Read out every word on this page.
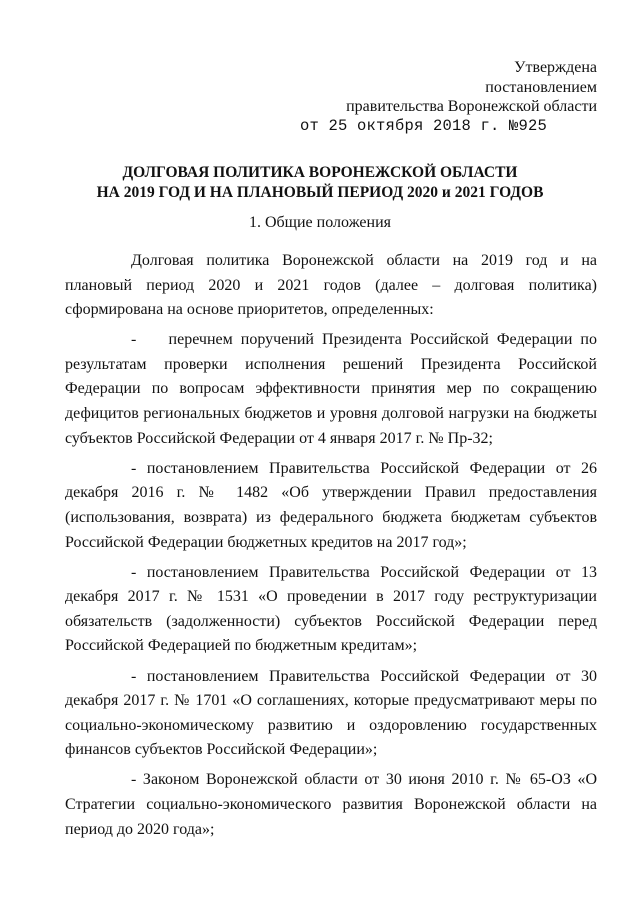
Утверждена
постановлением
правительства Воронежской области
от 25 октября 2018 г. №925
ДОЛГОВАЯ ПОЛИТИКА ВОРОНЕЖСКОЙ ОБЛАСТИ
НА 2019 ГОД И НА ПЛАНОВЫЙ ПЕРИОД 2020 и 2021 ГОДОВ
1. Общие положения

Долговая политика Воронежской области на 2019 год и на плановый период 2020 и 2021 годов (далее – долговая политика) сформирована на основе приоритетов, определенных:

-    перечнем поручений Президента Российской Федерации по результатам проверки исполнения решений Президента Российской Федерации по вопросам эффективности принятия мер по сокращению дефицитов региональных бюджетов и уровня долговой нагрузки на бюджеты субъектов Российской Федерации от 4 января 2017 г. № Пр-32;

- постановлением Правительства Российской Федерации от 26 декабря 2016 г. № 1482 «Об утверждении Правил предоставления (использования, возврата) из федерального бюджета бюджетам субъектов Российской Федерации бюджетных кредитов на 2017 год»;

- постановлением Правительства Российской Федерации от 13 декабря 2017 г. № 1531 «О проведении в 2017 году реструктуризации обязательств (задолженности) субъектов Российской Федерации перед Российской Федерацией по бюджетным кредитам»;

- постановлением Правительства Российской Федерации от 30 декабря 2017 г. № 1701 «О соглашениях, которые предусматривают меры по социально-экономическому развитию и оздоровлению государственных финансов субъектов Российской Федерации»;

- Законом Воронежской области от 30 июня 2010 г. № 65-ОЗ «О Стратегии социально-экономического развития Воронежской области на период до 2020 года»;
